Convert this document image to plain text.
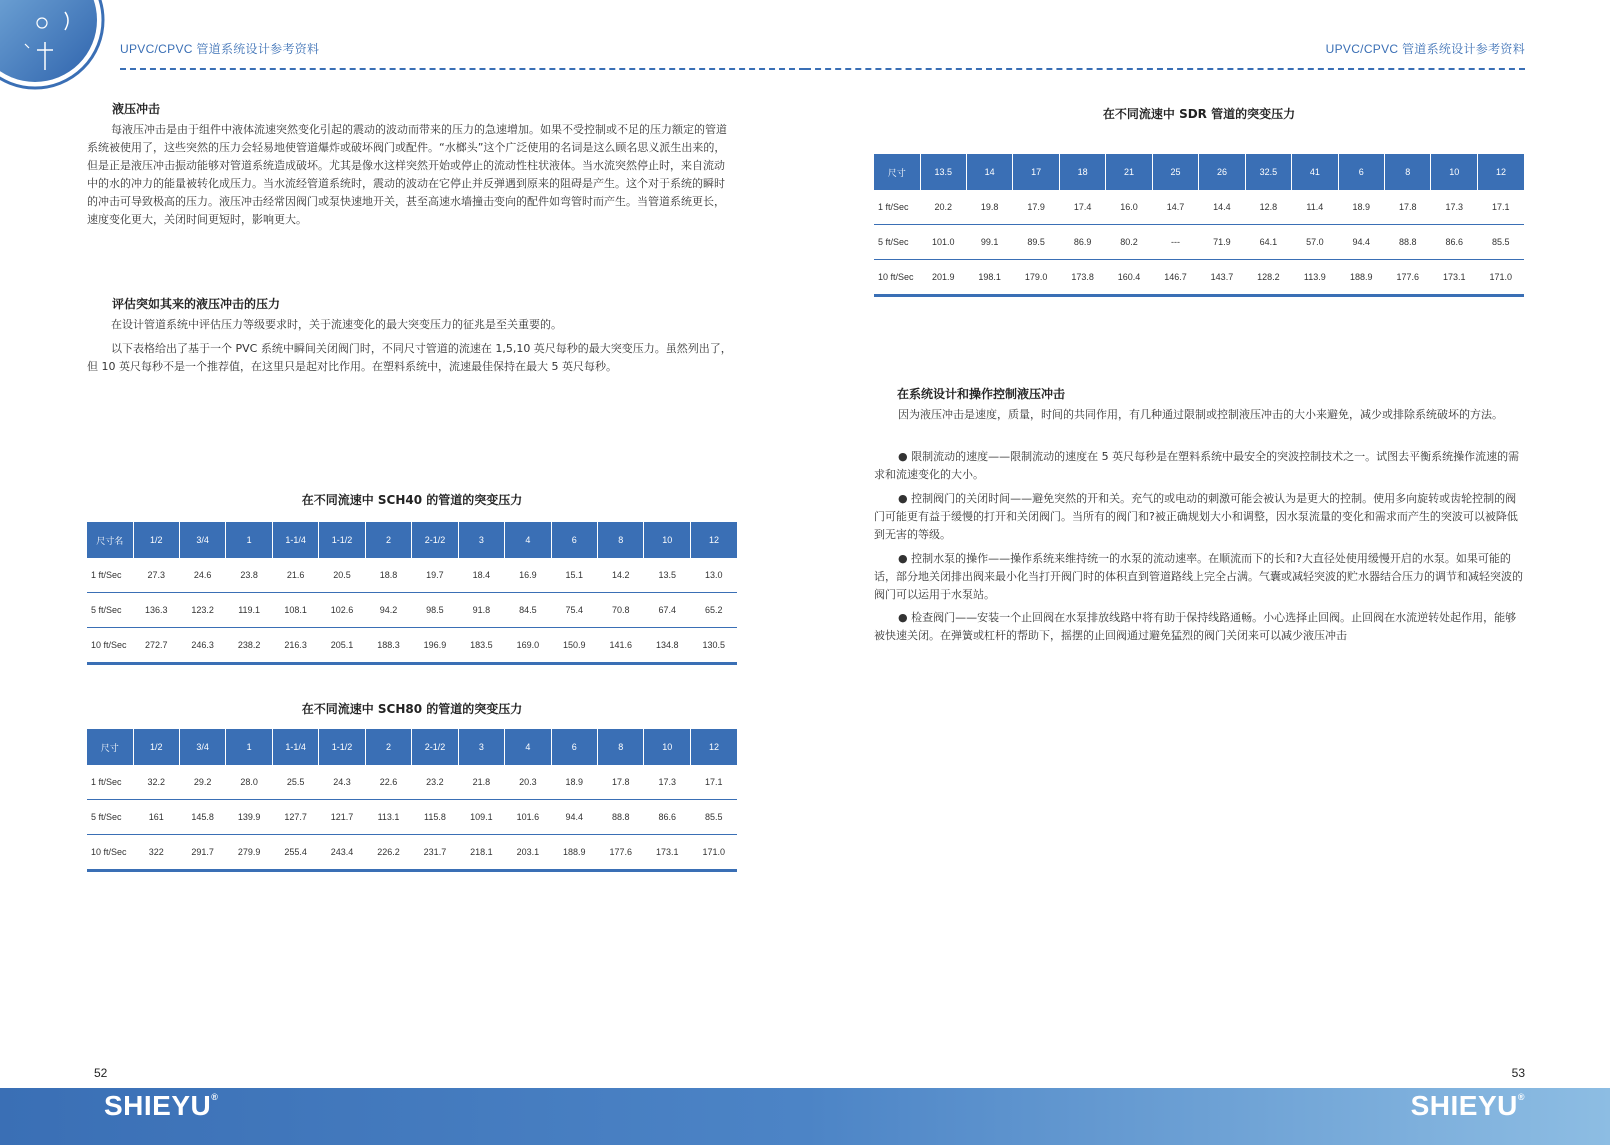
UPVC/CPVC 管道系统设计参考资料
液压冲击

每液压冲击是由于组件中液体流速突然变化引起的震动的波动而带来的压力的急速增加。如果不受控制或不足的压力额定的管道系统被使用了，这些突然的压力会轻易地使管道爆炸或破坏阀门或配件。“水榔头”这个广泛使用的名词是这么顾名思义派生出来的，但是正是液压冲击振动能够对管道系统造成破坏。尤其是像水这样突然开始或停止的流动性柱状液体。当水流突然停止时，来自流动中的水的冲力的能量被转化成压力。当水流经管道系统时，震动的波动在它停止并反弹遇到原来的阻碍是产生。这个对于系统的瞬时的冲击可导致极高的压力。液压冲击经常因阀门或泵快速地开关，甚至高速水墙撞击变向的配件如弯管时而产生。当管道系统更长，速度变化更大，关闭时间更短时，影响更大。

评估突如其来的液压冲击的压力

在设计管道系统中评估压力等级要求时，关于流速变化的最大突变压力的征兆是至关重要的。

以下表格给出了基于一个 PVC 系统中瞬间关闭阀门时，不同尺寸管道的流速在 1,5,10 英尺每秒的最大突变压力。虽然列出了，但 10 英尺每秒不是一个推荐值，在这里只是起对比作用。在塑料系统中，流速最佳保持在最大 5 英尺每秒。

在不同流速中 SCH40 的管道的突变压力
尺寸名	1/2	3/4	1	1-1/4	1-1/2	2	2-1/2	3	4	6	8	10	12
1 ft/Sec	27.3	24.6	23.8	21.6	20.5	18.8	19.7	18.4	16.9	15.1	14.2	13.5	13.0
5 ft/Sec	136.3	123.2	119.1	108.1	102.6	94.2	98.5	91.8	84.5	75.4	70.8	67.4	65.2
10 ft/Sec	272.7	246.3	238.2	216.3	205.1	188.3	196.9	183.5	169.0	150.9	141.6	134.8	130.5
在不同流速中 SCH80 的管道的突变压力
尺寸	1/2	3/4	1	1-1/4	1-1/2	2	2-1/2	3	4	6	8	10	12
1 ft/Sec	32.2	29.2	28.0	25.5	24.3	22.6	23.2	21.8	20.3	18.9	17.8	17.3	17.1
5 ft/Sec	161	145.8	139.9	127.7	121.7	113.1	115.8	109.1	101.6	94.4	88.8	86.6	85.5
10 ft/Sec	322	291.7	279.9	255.4	243.4	226.2	231.7	218.1	203.1	188.9	177.6	173.1	171.0
52
UPVC/CPVC 管道系统设计参考资料
在不同流速中 SDR 管道的突变压力
尺寸	13.5	14	17	18	21	25	26	32.5	41	6	8	10	12
1 ft/Sec	20.2	19.8	17.9	17.4	16.0	14.7	14.4	12.8	11.4	18.9	17.8	17.3	17.1
5 ft/Sec	101.0	99.1	89.5	86.9	80.2	---	71.9	64.1	57.0	94.4	88.8	86.6	85.5
10 ft/Sec	201.9	198.1	179.0	173.8	160.4	146.7	143.7	128.2	113.9	188.9	177.6	173.1	171.0
在系统设计和操作控制液压冲击

因为液压冲击是速度，质量，时间的共同作用，有几种通过限制或控制液压冲击的大小来避免，减少或排除系统破坏的方法。

● 限制流动的速度——限制流动的速度在 5 英尺每秒是在塑料系统中最安全的突波控制技术之一。试图去平衡系统操作流速的需求和流速变化的大小。

● 控制阀门的关闭时间——避免突然的开和关。充气的或电动的刺激可能会被认为是更大的控制。使用多向旋转或齿轮控制的阀门可能更有益于缓慢的打开和关闭阀门。当所有的阀门和?被正确规划大小和调整，因水泵流量的变化和需求而产生的突波可以被降低到无害的等级。

● 控制水泵的操作——操作系统来维持统一的水泵的流动速率。在顺流而下的长和?大直径处使用缓慢开启的水泵。如果可能的话，部分地关闭排出阀来最小化当打开阀门时的体积直到管道路线上完全占满。气囊或减轻突波的贮水器结合压力的调节和减轻突波的阀门可以运用于水泵站。

● 检查阀门——安装一个止回阀在水泵排放线路中将有助于保持线路通畅。小心选择止回阀。止回阀在水流逆转处起作用，能够被快速关闭。在弹簧或杠杆的帮助下，摇摆的止回阀通过避免猛烈的阀门关闭来可以减少液压冲击

53
SHIEYU®	SHIEYU®
